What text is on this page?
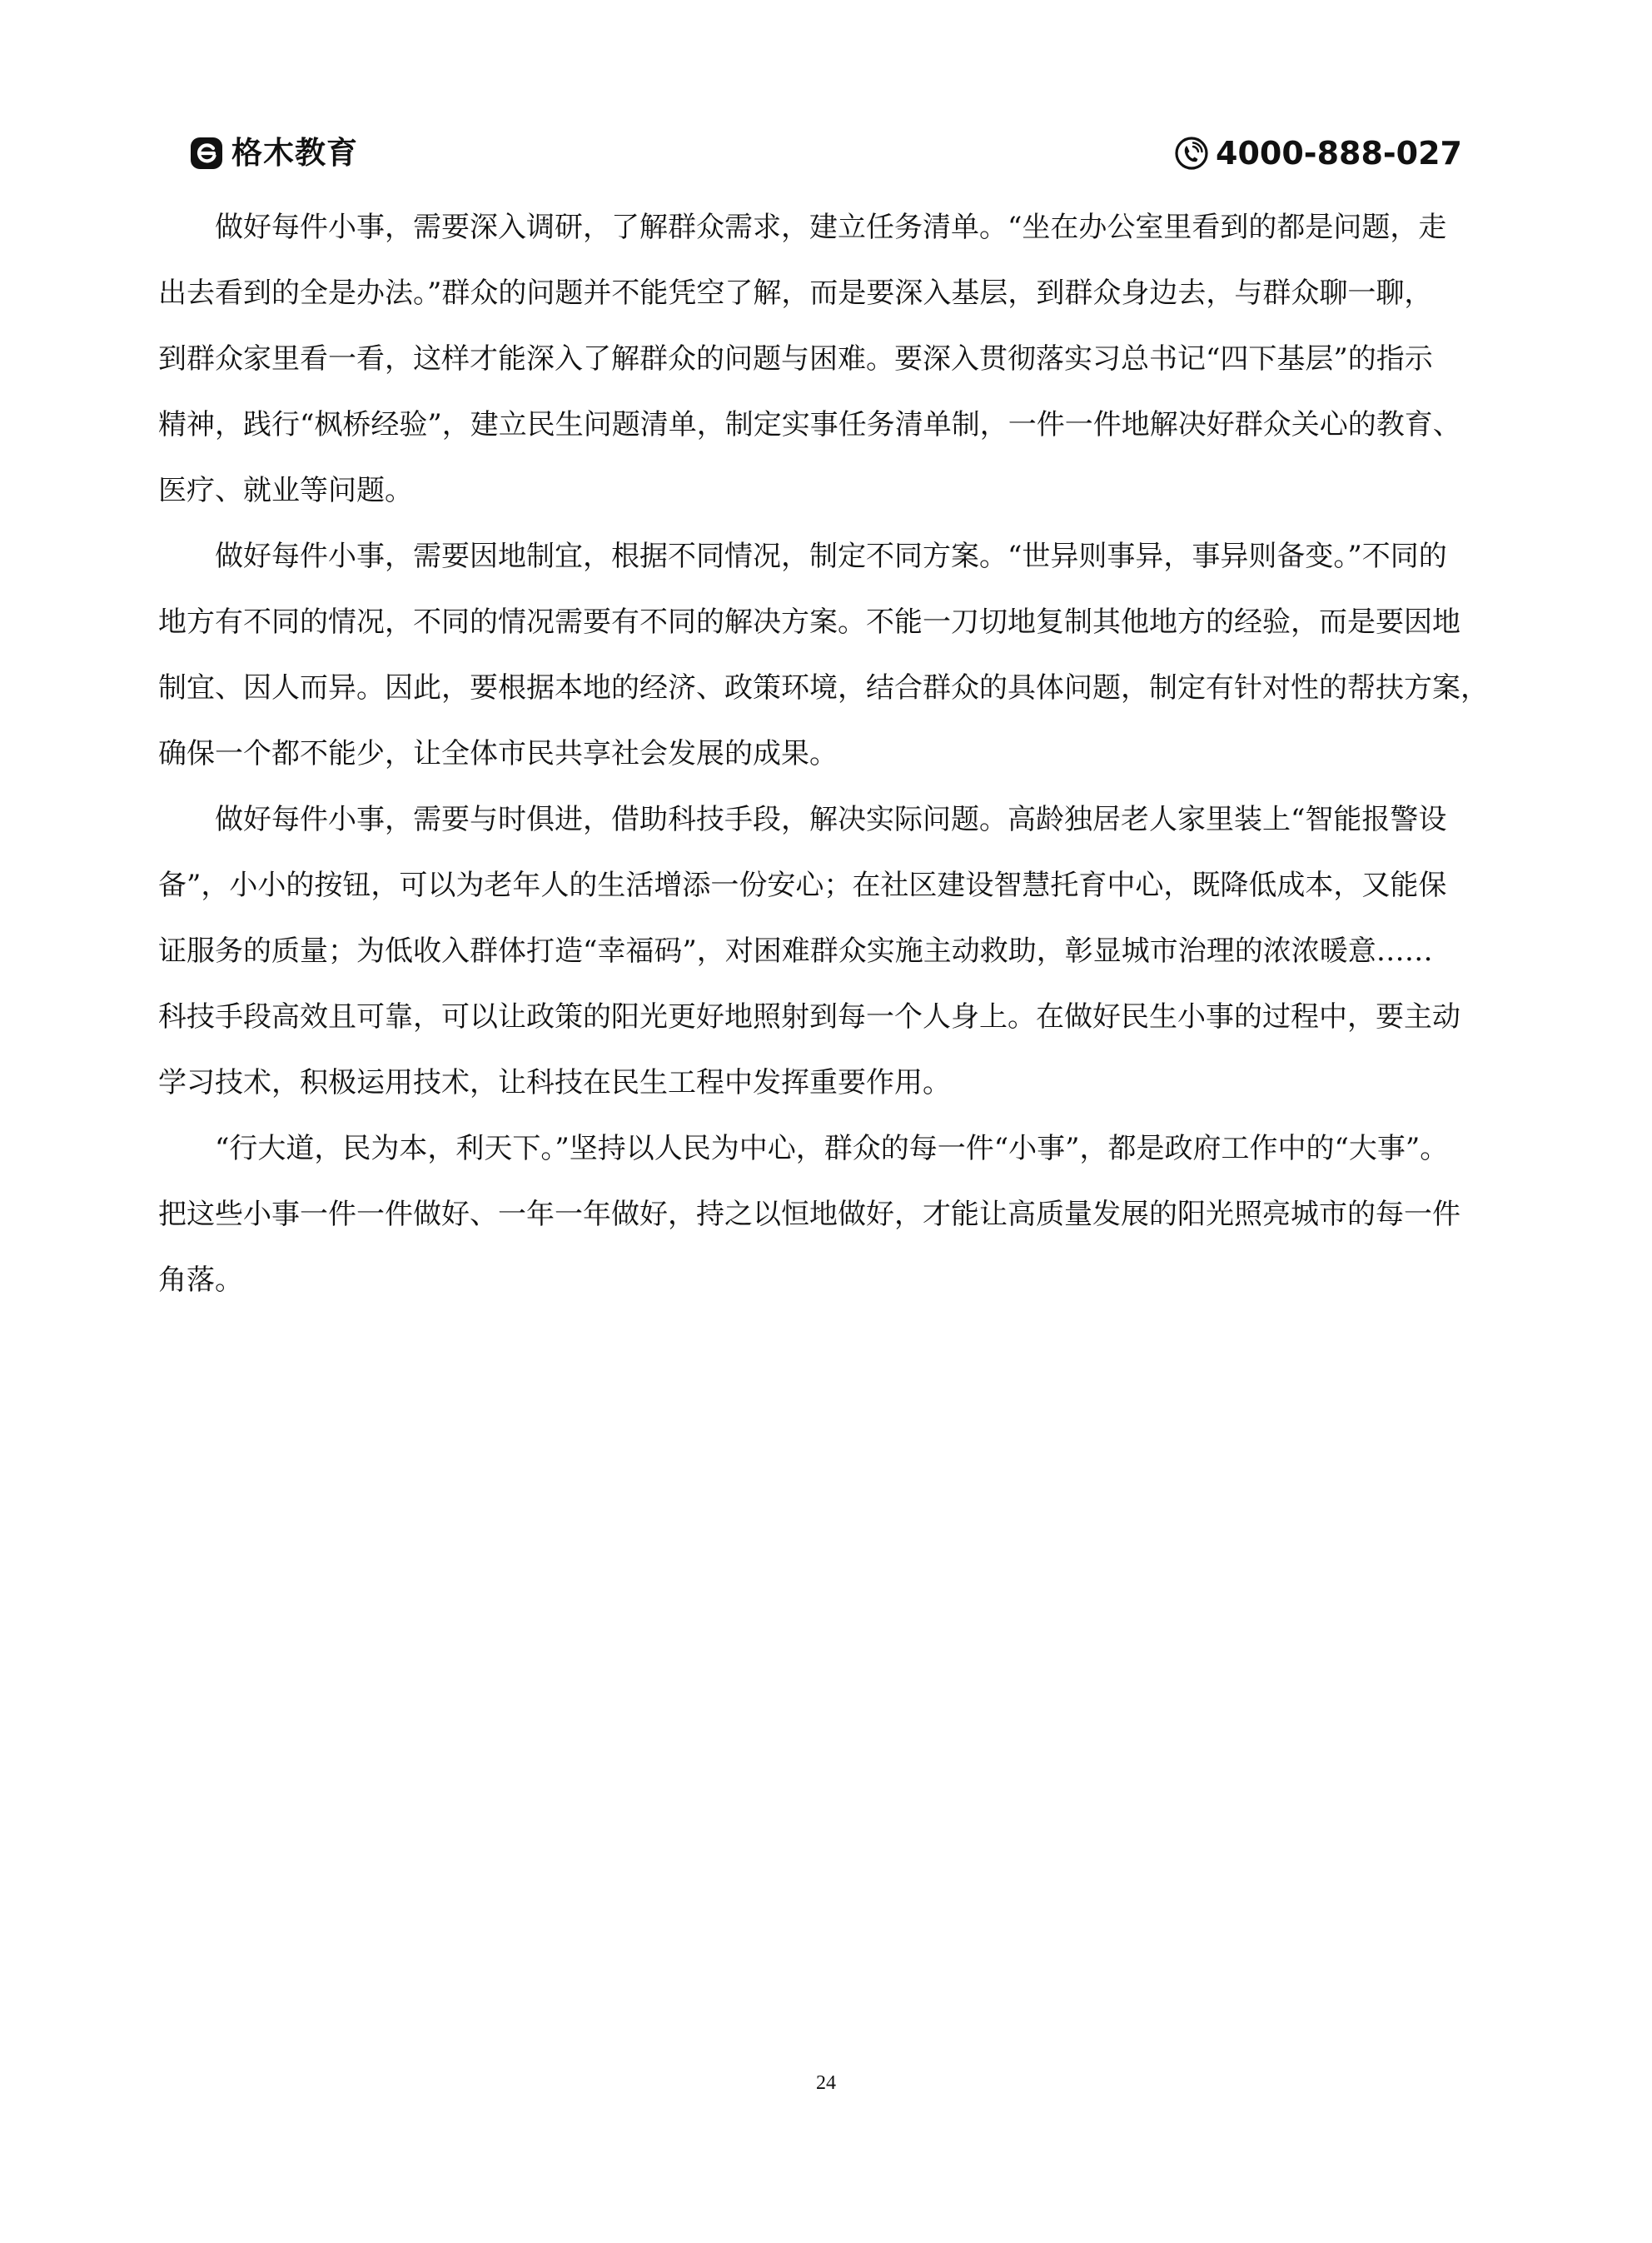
格木教育	4000-888-027

做好每件小事，需要深入调研，了解群众需求，建立任务清单。“坐在办公室里看到的都是问题，走
出去看到的全是办法。”群众的问题并不能凭空了解，而是要深入基层，到群众身边去，与群众聊一聊，
到群众家里看一看，这样才能深入了解群众的问题与困难。要深入贯彻落实习总书记“四下基层”的指示
精神，践行“枫桥经验”，建立民生问题清单，制定实事任务清单制，一件一件地解决好群众关心的教育、
医疗、就业等问题。

做好每件小事，需要因地制宜，根据不同情况，制定不同方案。“世异则事异，事异则备变。”不同的
地方有不同的情况，不同的情况需要有不同的解决方案。不能一刀切地复制其他地方的经验，而是要因地
制宜、因人而异。因此，要根据本地的经济、政策环境，结合群众的具体问题，制定有针对性的帮扶方案，
确保一个都不能少，让全体市民共享社会发展的成果。

做好每件小事，需要与时俱进，借助科技手段，解决实际问题。高龄独居老人家里装上“智能报警设
备”，小小的按钮，可以为老年人的生活增添一份安心；在社区建设智慧托育中心，既降低成本，又能保
证服务的质量；为低收入群体打造“幸福码”，对困难群众实施主动救助，彰显城市治理的浓浓暖意……
科技手段高效且可靠，可以让政策的阳光更好地照射到每一个人身上。在做好民生小事的过程中，要主动
学习技术，积极运用技术，让科技在民生工程中发挥重要作用。

“行大道，民为本，利天下。”坚持以人民为中心，群众的每一件“小事”，都是政府工作中的“大事”。
把这些小事一件一件做好、一年一年做好，持之以恒地做好，才能让高质量发展的阳光照亮城市的每一件
角落。

24
